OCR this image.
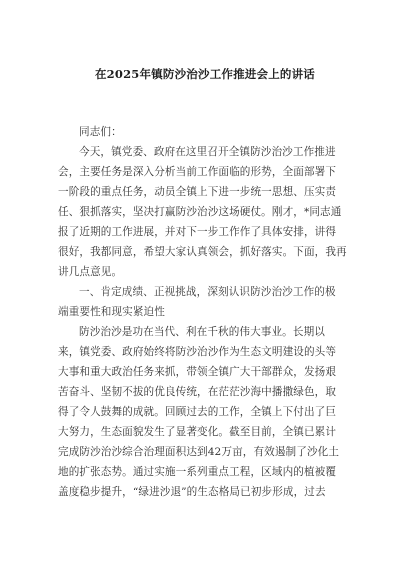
在2025年镇防沙治沙工作推进会上的讲话
同志们：
今天，镇党委、政府在这里召开全镇防沙治沙工作推进
会，主要任务是深入分析当前工作面临的形势，全面部署下
一阶段的重点任务，动员全镇上下进一步统一思想、压实责
任、狠抓落实，坚决打赢防沙治沙这场硬仗。刚才，*同志通
报了近期的工作进展，并对下一步工作作了具体安排，讲得
很好，我都同意，希望大家认真领会，抓好落实。下面，我再
讲几点意见。
一、肯定成绩、正视挑战，深刻认识防沙治沙工作的极
端重要性和现实紧迫性
防沙治沙是功在当代、利在千秋的伟大事业。长期以
来，镇党委、政府始终将防沙治沙作为生态文明建设的头等
大事和重大政治任务来抓，带领全镇广大干部群众，发扬艰
苦奋斗、坚韧不拔的优良传统，在茫茫沙海中播撒绿色，取
得了令人鼓舞的成就。回顾过去的工作，全镇上下付出了巨
大努力，生态面貌发生了显著变化。截至目前，全镇已累计
完成防沙治沙综合治理面积达到42万亩，有效遏制了沙化土
地的扩张态势。通过实施一系列重点工程，区域内的植被覆
盖度稳步提升，“绿进沙退”的生态格局已初步形成，过去
